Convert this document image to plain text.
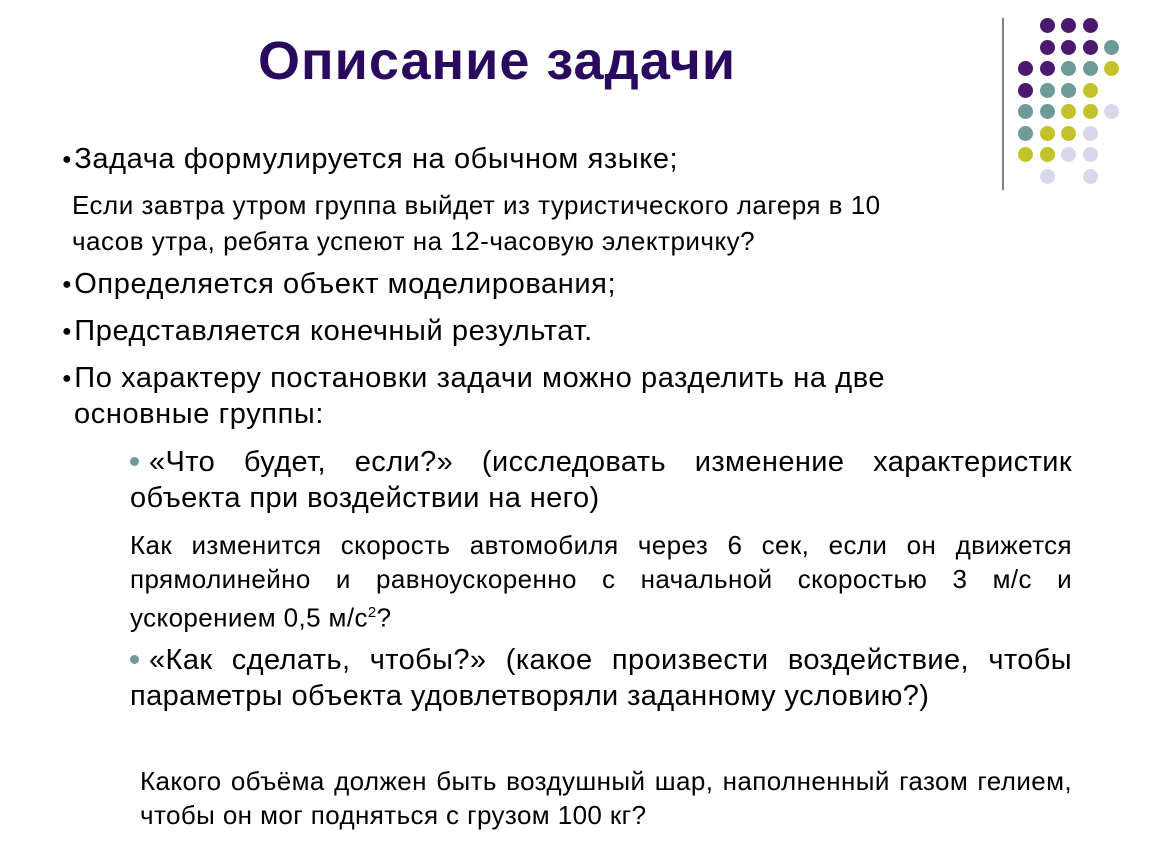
Описание задачи
●Задача формулируется на обычном языке;
Если завтра утром группа выйдет из туристического лагеря в 10
часов утра, ребята успеют на 12-часовую электричку?
●Определяется объект моделирования;
●Представляется конечный результат.
●По характеру постановки задачи можно разделить на две
основные группы:
«Что будет, если?» (исследовать изменение характеристик объекта при воздействии на него)
Как изменится скорость автомобиля через 6 сек, если он движется прямолинейно и равноускоренно с начальной скоростью 3 м/с и ускорением 0,5 $м/с^2$?
«Как сделать, чтобы?» (какое произвести воздействие, чтобы параметры объекта удовлетворяли заданному условию?)
Какого объёма должен быть воздушный шар, наполненный газом гелием, чтобы он мог подняться с грузом 100 кг?
